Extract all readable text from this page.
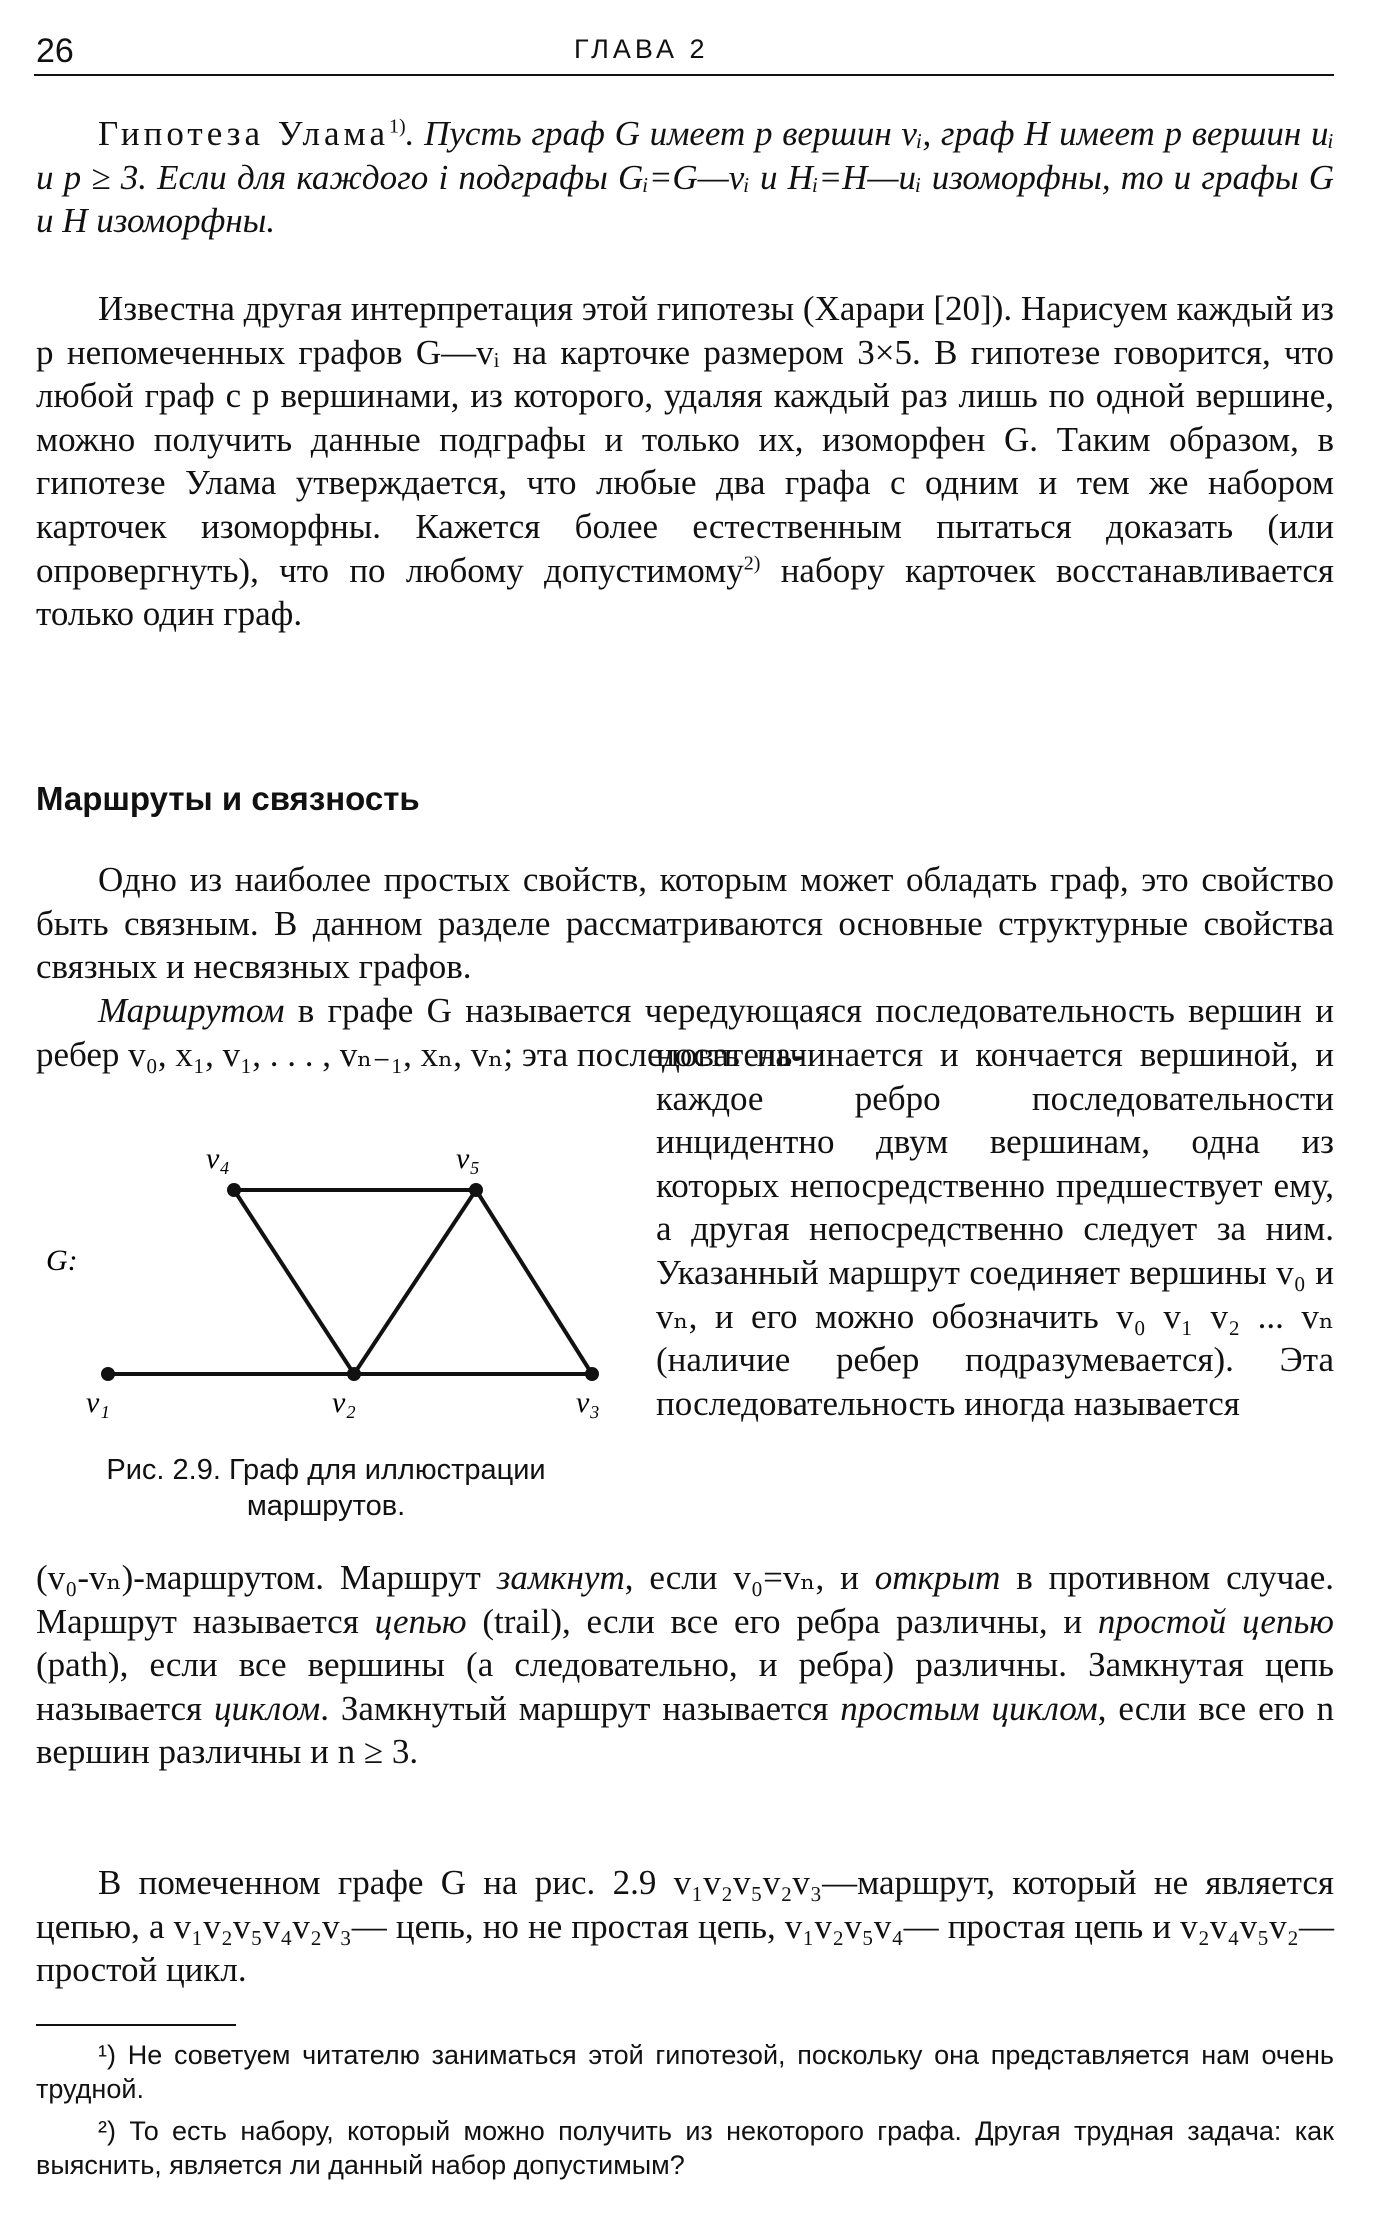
26	ГЛАВА 2

Гипотеза Улама$^{1)}$. Пусть граф G имеет p вершин vᵢ, граф H имеет p вершин uᵢ и p ≥ 3. Если для каждого i подграфы Gᵢ=G—vᵢ и Hᵢ=H—uᵢ изоморфны, то и графы G и H изоморфны.

Известна другая интерпретация этой гипотезы (Харари [20]). Нарисуем каждый из p непомеченных графов G—vᵢ на карточке размером 3×5. В гипотезе говорится, что любой граф с p вершинами, из которого, удаляя каждый раз лишь по одной вершине, можно получить данные подграфы и только их, изоморфен G. Таким образом, в гипотезе Улама утверждается, что любые два графа с одним и тем же набором карточек изоморфны. Кажется более естественным пытаться доказать (или опровергнуть), что по любому допустимому$^{2)}$ набору карточек восстанавливается только один граф.

Маршруты и связность

Одно из наиболее простых свойств, которым может обладать граф, это свойство быть связным. В данном разделе рассматриваются основные структурные свойства связных и несвязных графов.

Маршрутом в графе G называется чередующаяся последовательность вершин и ребер v₀, x₁, v₁, . . . , vₙ₋₁, xₙ, vₙ; эта последователь-

ность начинается и кончается вершиной, и каждое ребро последовательности инцидентно двум вершинам, одна из которых непосредственно предшествует ему, а другая непосредственно следует за ним. Указанный маршрут соединяет вершины v₀ и vₙ, и его можно обозначить v₀ v₁ v₂ ... vₙ (наличие ребер подразумевается). Эта последовательность иногда называется

G:
v₄	v₅
v₁	v₂	v₃
Рис. 2.9. Граф для иллюстрации
маршрутов.

(v₀-vₙ)-маршрутом. Маршрут замкнут, если v₀=vₙ, и открыт в противном случае. Маршрут называется цепью (trail), если все его ребра различны, и простой цепью (path), если все вершины (а следовательно, и ребра) различны. Замкнутая цепь называется циклом. Замкнутый маршрут называется простым циклом, если все его n вершин различны и n ≥ 3.

В помеченном графе G на рис. 2.9 v₁v₂v₅v₂v₃—маршрут, который не является цепью, а v₁v₂v₅v₄v₂v₃— цепь, но не простая цепь, v₁v₂v₅v₄— простая цепь и v₂v₄v₅v₂— простой цикл.

¹) Не советуем читателю заниматься этой гипотезой, поскольку она представляется нам очень трудной.

²) То есть набору, который можно получить из некоторого графа. Другая трудная задача: как выяснить, является ли данный набор допустимым?
